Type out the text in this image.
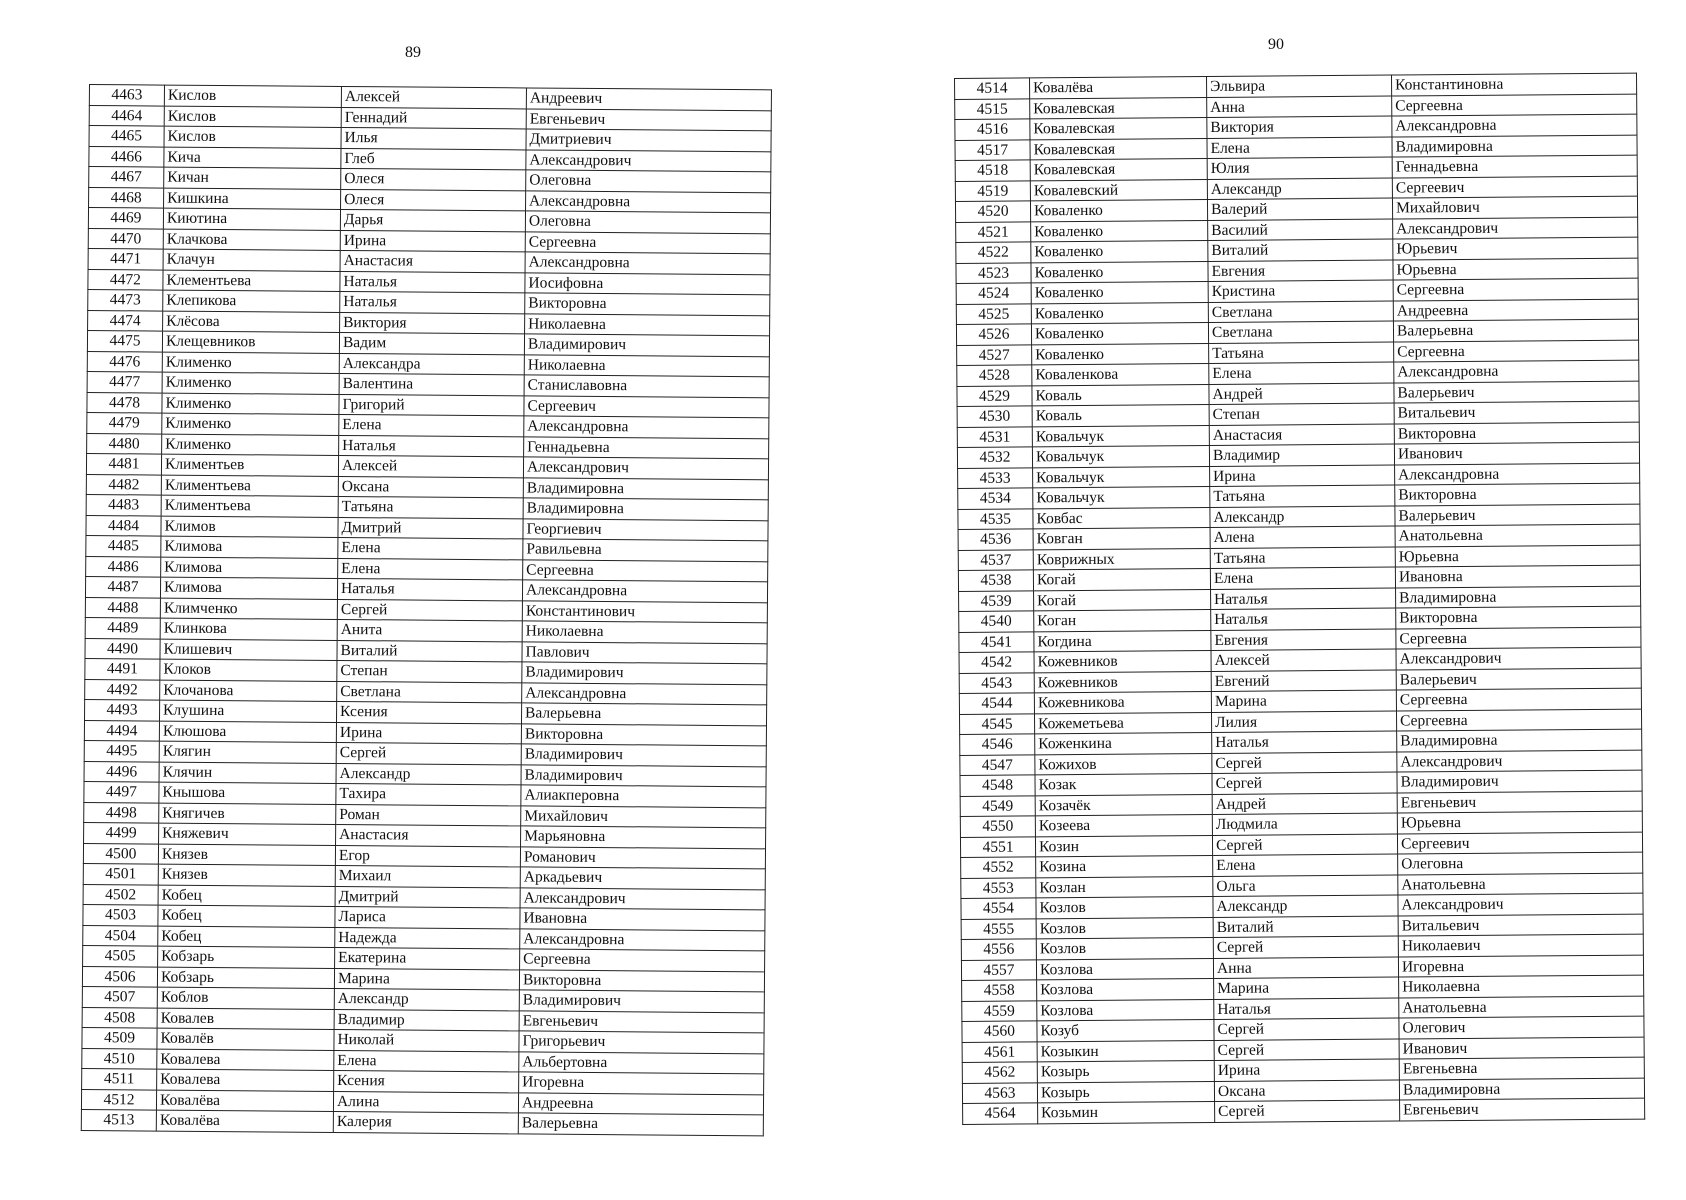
89
4463	Кислов	Алексей	Андреевич
4464	Кислов	Геннадий	Евгеньевич
4465	Кислов	Илья	Дмитриевич
4466	Кича	Глеб	Александрович
4467	Кичан	Олеся	Олеговна
4468	Кишкина	Олеся	Александровна
4469	Киютина	Дарья	Олеговна
4470	Клачкова	Ирина	Сергеевна
4471	Клачун	Анастасия	Александровна
4472	Клементьева	Наталья	Иосифовна
4473	Клепикова	Наталья	Викторовна
4474	Клёсова	Виктория	Николаевна
4475	Клещевников	Вадим	Владимирович
4476	Клименко	Александра	Николаевна
4477	Клименко	Валентина	Станиславовна
4478	Клименко	Григорий	Сергеевич
4479	Клименко	Елена	Александровна
4480	Клименко	Наталья	Геннадьевна
4481	Климентьев	Алексей	Александрович
4482	Климентьева	Оксана	Владимировна
4483	Климентьева	Татьяна	Владимировна
4484	Климов	Дмитрий	Георгиевич
4485	Климова	Елена	Равильевна
4486	Климова	Елена	Сергеевна
4487	Климова	Наталья	Александровна
4488	Климченко	Сергей	Константинович
4489	Клинкова	Анита	Николаевна
4490	Клишевич	Виталий	Павлович
4491	Клоков	Степан	Владимирович
4492	Клочанова	Светлана	Александровна
4493	Клушина	Ксения	Валерьевна
4494	Клюшова	Ирина	Викторовна
4495	Клягин	Сергей	Владимирович
4496	Клячин	Александр	Владимирович
4497	Кнышова	Тахира	Алиакперовна
4498	Княгичев	Роман	Михайлович
4499	Княжевич	Анастасия	Марьяновна
4500	Князев	Егор	Романович
4501	Князев	Михаил	Аркадьевич
4502	Кобец	Дмитрий	Александрович
4503	Кобец	Лариса	Ивановна
4504	Кобец	Надежда	Александровна
4505	Кобзарь	Екатерина	Сергеевна
4506	Кобзарь	Марина	Викторовна
4507	Коблов	Александр	Владимирович
4508	Ковалев	Владимир	Евгеньевич
4509	Ковалёв	Николай	Григорьевич
4510	Ковалева	Елена	Альбертовна
4511	Ковалева	Ксения	Игоревна
4512	Ковалёва	Алина	Андреевна
4513	Ковалёва	Калерия	Валерьевна
90
4514	Ковалёва	Эльвира	Константиновна
4515	Ковалевская	Анна	Сергеевна
4516	Ковалевская	Виктория	Александровна
4517	Ковалевская	Елена	Владимировна
4518	Ковалевская	Юлия	Геннадьевна
4519	Ковалевский	Александр	Сергеевич
4520	Коваленко	Валерий	Михайлович
4521	Коваленко	Василий	Александрович
4522	Коваленко	Виталий	Юрьевич
4523	Коваленко	Евгения	Юрьевна
4524	Коваленко	Кристина	Сергеевна
4525	Коваленко	Светлана	Андреевна
4526	Коваленко	Светлана	Валерьевна
4527	Коваленко	Татьяна	Сергеевна
4528	Коваленкова	Елена	Александровна
4529	Коваль	Андрей	Валерьевич
4530	Коваль	Степан	Витальевич
4531	Ковальчук	Анастасия	Викторовна
4532	Ковальчук	Владимир	Иванович
4533	Ковальчук	Ирина	Александровна
4534	Ковальчук	Татьяна	Викторовна
4535	Ковбас	Александр	Валерьевич
4536	Ковган	Алена	Анатольевна
4537	Коврижных	Татьяна	Юрьевна
4538	Когай	Елена	Ивановна
4539	Когай	Наталья	Владимировна
4540	Коган	Наталья	Викторовна
4541	Когдина	Евгения	Сергеевна
4542	Кожевников	Алексей	Александрович
4543	Кожевников	Евгений	Валерьевич
4544	Кожевникова	Марина	Сергеевна
4545	Кожеметьева	Лилия	Сергеевна
4546	Коженкина	Наталья	Владимировна
4547	Кожихов	Сергей	Александрович
4548	Козак	Сергей	Владимирович
4549	Козачёк	Андрей	Евгеньевич
4550	Козеева	Людмила	Юрьевна
4551	Козин	Сергей	Сергеевич
4552	Козина	Елена	Олеговна
4553	Козлан	Ольга	Анатольевна
4554	Козлов	Александр	Александрович
4555	Козлов	Виталий	Витальевич
4556	Козлов	Сергей	Николаевич
4557	Козлова	Анна	Игоревна
4558	Козлова	Марина	Николаевна
4559	Козлова	Наталья	Анатольевна
4560	Козуб	Сергей	Олегович
4561	Козыкин	Сергей	Иванович
4562	Козырь	Ирина	Евгеньевна
4563	Козырь	Оксана	Владимировна
4564	Козьмин	Сергей	Евгеньевич
